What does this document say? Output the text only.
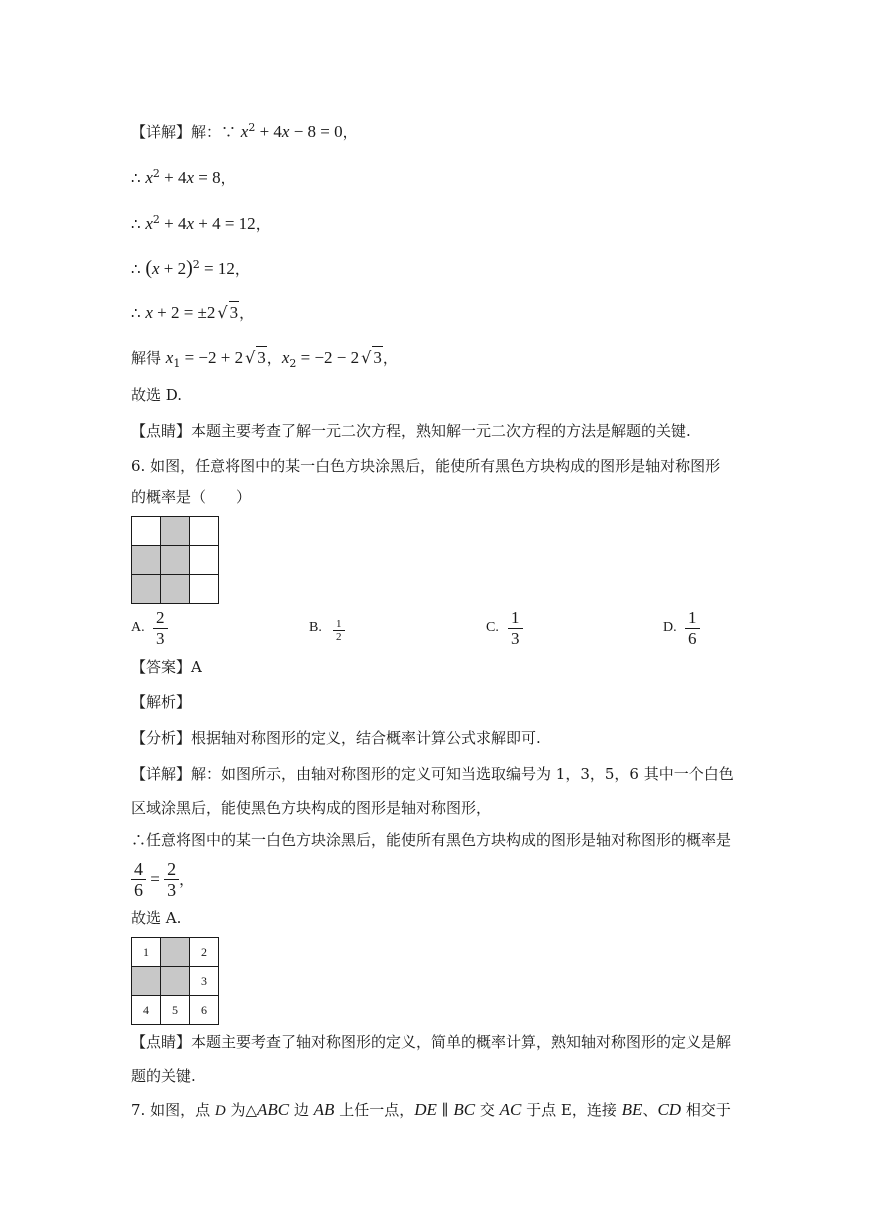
【详解】解：∵ $x^2 + 4x - 8 = 0$，
∴ $x^2 + 4x = 8$，
∴ $x^2 + 4x + 4 = 12$，
∴ $(x + 2)^2 = 12$，
∴ x + 2 = ±2 √ 3，
解得 $x_1 = -2 + 2$ √ 3，$x_2 = -2 - 2$ √ 3，
故选 D.
【点睛】本题主要考查了解一元二次方程，熟知解一元二次方程的方法是解题的关键.
6. 如图，任意将图中的某一白色方块涂黑后，能使所有黑色方块构成的图形是轴对称图形
的概率是（　　）

A. $\frac{2}{3}$	B. $\frac{1}{2}$	C. $\frac{1}{3}$	D. $\frac{1}{6}$
【答案】A
【解析】
【分析】根据轴对称图形的定义，结合概率计算公式求解即可.
【详解】解：如图所示，由轴对称图形的定义可知当选取编号为 1，3，5，6 其中一个白色
区域涂黑后，能使黑色方块构成的图形是轴对称图形，
∴任意将图中的某一白色方块涂黑后，能使所有黑色方块构成的图形是轴对称图形的概率是
$\frac{4}{6} = \frac{2}{3}$ ，
故选 A.
1		2
		3
4	5	6
【点睛】本题主要考查了轴对称图形的定义，简单的概率计算，熟知轴对称图形的定义是解
题的关键.
7. 如图，点 D 为△ABC 边 AB 上任一点，DE ∥ BC 交 AC 于点 E，连接 BE、CD 相交于
